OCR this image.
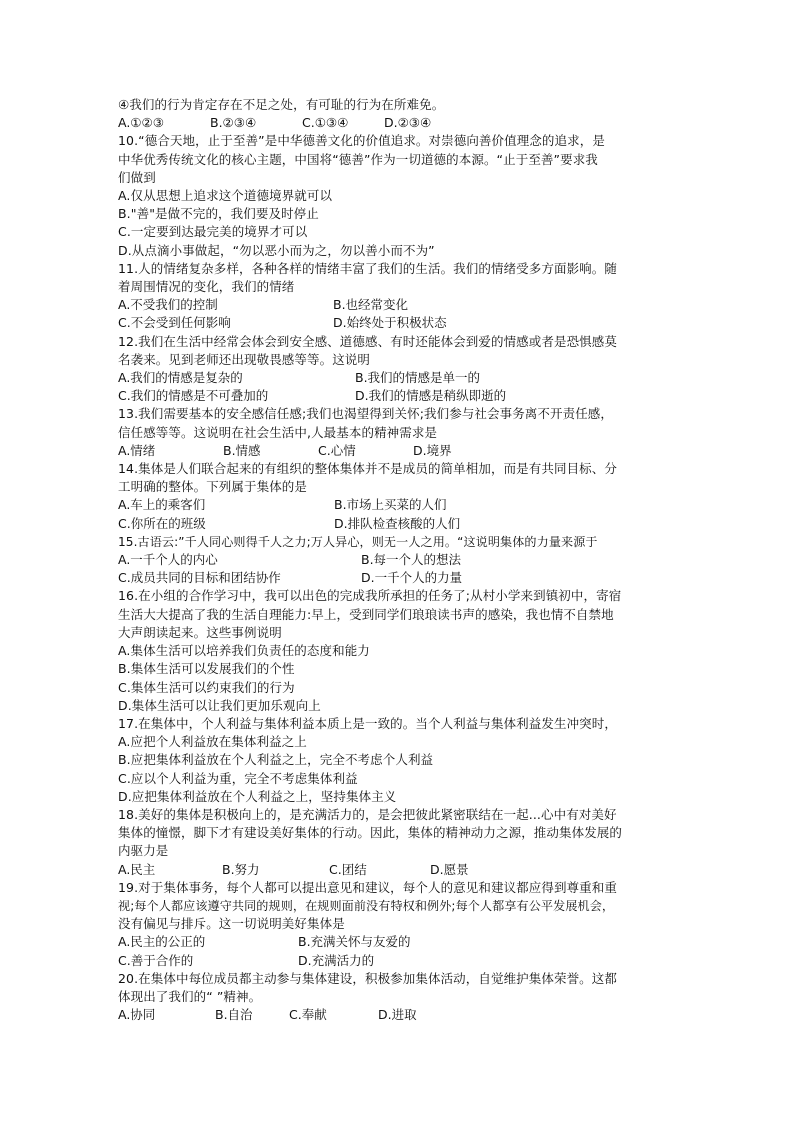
④我们的行为肯定存在不足之处，有可耻的行为在所难免。
A.①②③	B.②③④	C.①③④	D.②③④
10.“德合天地，止于至善”是中华德善文化的价值追求。对崇德向善价值理念的追求，是
中华优秀传统文化的核心主题，中国将“德善”作为一切道德的本源。“止于至善”要求我
们做到
A.仅从思想上追求这个道德境界就可以
B."善"是做不完的，我们要及时停止
C.一定要到达最完美的境界才可以
D.从点滴小事做起，“勿以恶小而为之，勿以善小而不为”
11.人的情绪复杂多样，各种各样的情绪丰富了我们的生活。我们的情绪受多方面影响。随
着周围情况的变化，我们的情绪
A.不受我们的控制	B.也经常变化
C.不会受到任何影响	D.始终处于积极状态
12.我们在生活中经常会体会到安全感、道德感、有时还能体会到爱的情感或者是恐惧感莫
名袭来。见到老师还出现敬畏感等等。这说明
A.我们的情感是复杂的	B.我们的情感是单一的
C.我们的情感是不可叠加的	D.我们的情感是稍纵即逝的
13.我们需要基本的安全感信任感;我们也渴望得到关怀;我们参与社会事务离不开责任感，
信任感等等。这说明在社会生活中,人最基本的精神需求是
A.情绪	B.情感	C.心情	D.境界
14.集体是人们联合起来的有组织的整体集体并不是成员的简单相加，而是有共同目标、分
工明确的整体。下列属于集体的是
A.车上的乘客们	B.市场上买菜的人们
C.你所在的班级	D.排队检查核酸的人们
15.古语云:”千人同心则得千人之力;万人异心，则无一人之用。“这说明集体的力量来源于
A.一千个人的内心	B.每一个人的想法
C.成员共同的目标和团结协作	D.一千个人的力量
16.在小组的合作学习中，我可以出色的完成我所承担的任务了;从村小学来到镇初中，寄宿
生活大大提高了我的生活自理能力:早上，受到同学们琅琅读书声的感染，我也情不自禁地
大声朗读起来。这些事例说明
A.集体生活可以培养我们负责任的态度和能力
B.集体生活可以发展我们的个性
C.集体生活可以约束我们的行为
D.集体生活可以让我们更加乐观向上
17.在集体中，个人利益与集体利益本质上是一致的。当个人利益与集体利益发生冲突时，
A.应把个人利益放在集体利益之上
B.应把集体利益放在个人利益之上，完全不考虑个人利益
C.应以个人利益为重，完全不考虑集体利益
D.应把集体利益放在个人利益之上，坚持集体主义
18.美好的集体是积极向上的，是充满活力的，是会把彼此紧密联结在一起...心中有对美好
集体的憧憬，脚下才有建设美好集体的行动。因此，集体的精神动力之源，推动集体发展的
内驱力是
A.民主	B.努力	C.团结	D.愿景
19.对于集体事务，每个人都可以提出意见和建议，每个人的意见和建议都应得到尊重和重
视;每个人都应该遵守共同的规则，在规则面前没有特权和例外;每个人都享有公平发展机会，
没有偏见与排斥。这一切说明美好集体是
A.民主的公正的	B.充满关怀与友爱的
C.善于合作的	D.充满活力的
20.在集体中每位成员都主动参与集体建设，积极参加集体活动，自觉维护集体荣誉。这都
体现出了我们的“ ”精神。
A.协同	B.自治	C.奉献	D.进取
